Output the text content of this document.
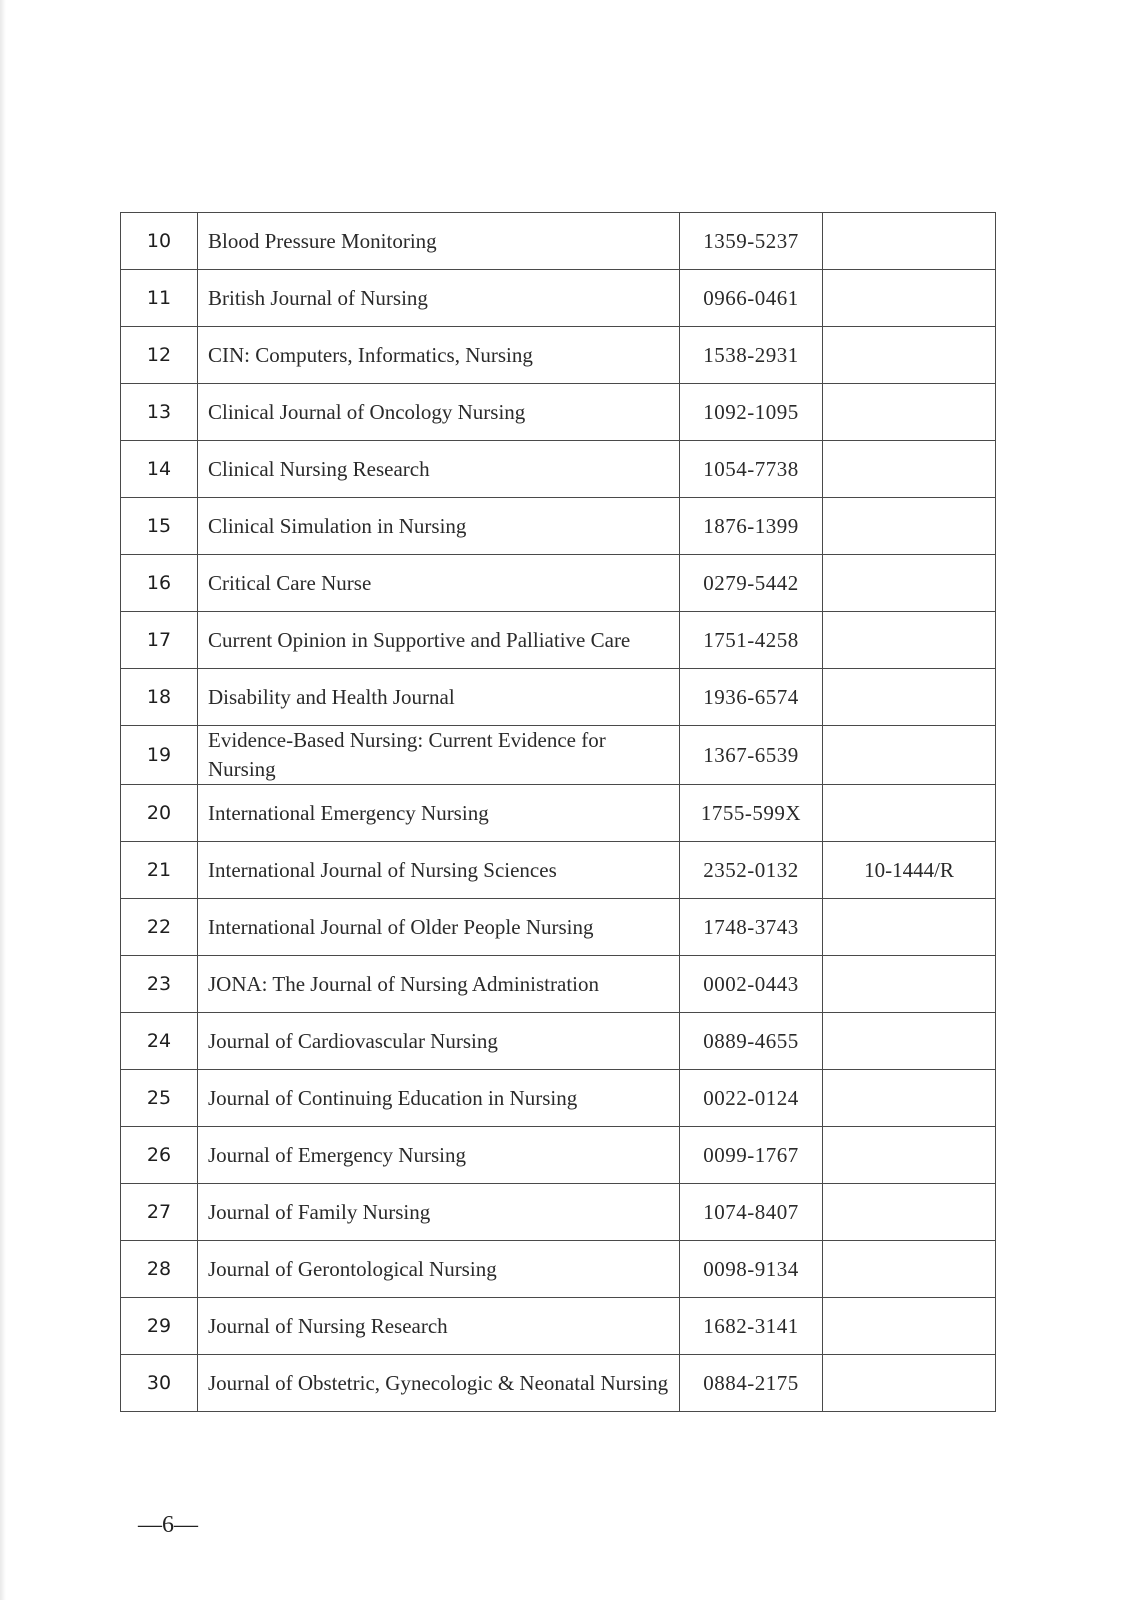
10	Blood Pressure Monitoring	1359-5237	
11	British Journal of Nursing	0966-0461	
12	CIN: Computers, Informatics, Nursing	1538-2931	
13	Clinical Journal of Oncology Nursing	1092-1095	
14	Clinical Nursing Research	1054-7738	
15	Clinical Simulation in Nursing	1876-1399	
16	Critical Care Nurse	0279-5442	
17	Current Opinion in Supportive and Palliative Care	1751-4258	
18	Disability and Health Journal	1936-6574	
19	Evidence-Based Nursing: Current Evidence for Nursing	1367-6539	
20	International Emergency Nursing	1755-599X	
21	International Journal of Nursing Sciences	2352-0132	10-1444/R
22	International Journal of Older People Nursing	1748-3743	
23	JONA: The Journal of Nursing Administration	0002-0443	
24	Journal of Cardiovascular Nursing	0889-4655	
25	Journal of Continuing Education in Nursing	0022-0124	
26	Journal of Emergency Nursing	0099-1767	
27	Journal of Family Nursing	1074-8407	
28	Journal of Gerontological Nursing	0098-9134	
29	Journal of Nursing Research	1682-3141	
30	Journal of Obstetric, Gynecologic & Neonatal Nursing	0884-2175	
—6—
